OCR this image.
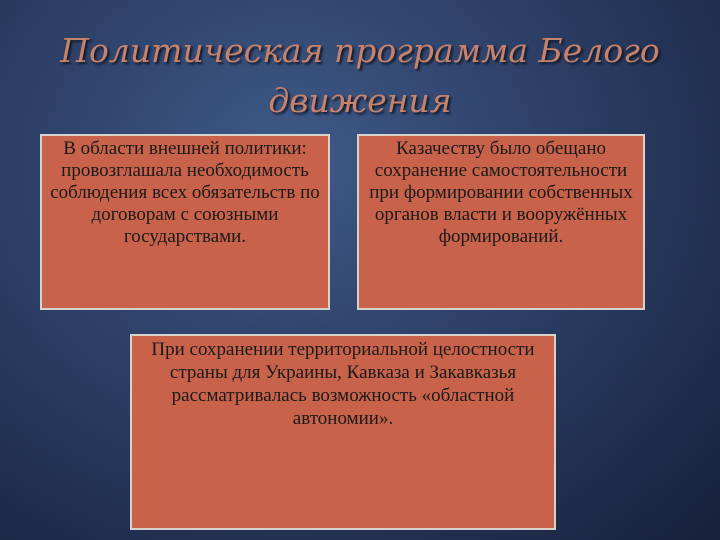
Политическая программа Белого движения
В области внешней политики: провозглашала необходимость соблюдения всех обязательств по договорам с союзными государствами.
Казачеству было обещано сохранение самостоятельности при формировании собственных органов власти и вооружённых формирований.
При сохранении территориальной целостности страны для Украины, Кавказа и Закавказья рассматривалась возможность «областной автономии».
